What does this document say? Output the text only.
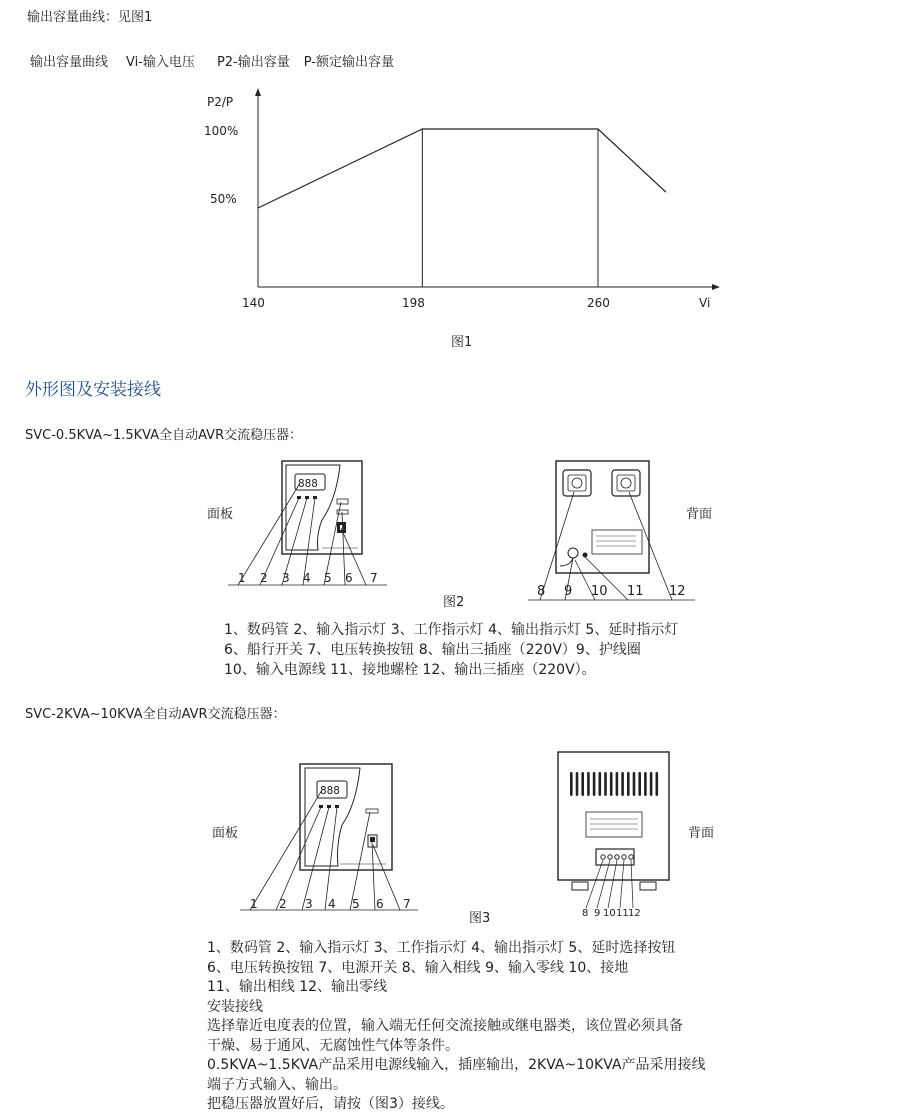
输出容量曲线：见图1
输出容量曲线 Vi-输入电压 P2-输出容量 P-额定输出容量
P2/P
100%
50%
140	198	260	Vi
图1
外形图及安装接线
SVC-0.5KVA~1.5KVA全自动AVR交流稳压器：
面板	背面
图2
888
1 2 3 4 5 6 7
8 9 10 11 12
1、数码管 2、输入指示灯 3、工作指示灯 4、输出指示灯 5、延时指示灯
6、船行开关 7、电压转换按钮 8、输出三插座（220V）9、护线圈
10、输入电源线 11、接地螺栓 12、输出三插座（220V）。
SVC-2KVA~10KVA全自动AVR交流稳压器：
面板	背面
图3
888
1 2 3 4 5 6 7
8 9 10 11 12
1、数码管 2、输入指示灯 3、工作指示灯 4、输出指示灯 5、延时选择按钮
6、电压转换按钮 7、电源开关 8、输入相线 9、输入零线 10、接地
11、输出相线 12、输出零线
安装接线
选择靠近电度表的位置，输入端无任何交流接触或继电器类，该位置必须具备
干燥、易于通风、无腐蚀性气体等条件。
0.5KVA~1.5KVA产品采用电源线输入，插座输出，2KVA~10KVA产品采用接线
端子方式输入、输出。
把稳压器放置好后，请按（图3）接线。
